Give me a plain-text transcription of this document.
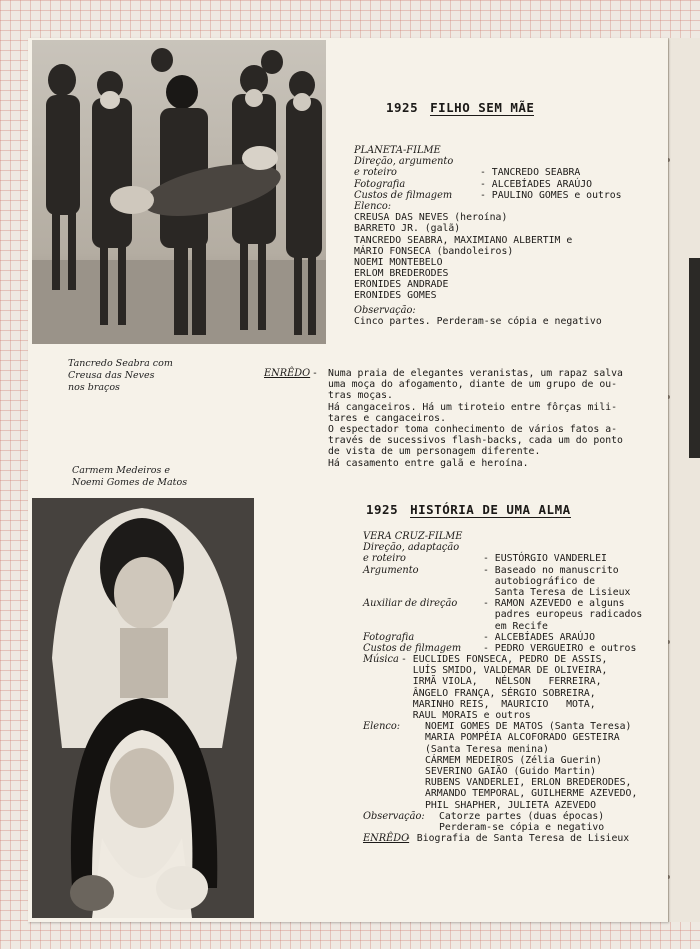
Tancredo Seabra com
Creusa das Neves
nos braços
1925 FILHO SEM MÃE
PLANETA-FILME
Direção, argumento
e roteiro	- TANCREDO SEABRA
Fotografia	- ALCEBÍADES ARAÚJO
Custos de filmagem	- PAULINO GOMES e outros
Elenco:
CREUSA DAS NEVES (heroína)
BARRETO JR. (galã)
TANCREDO SEABRA, MAXIMIANO ALBERTIM e
MÁRIO FONSECA (bandoleiros)
NOEMI MONTEBELO
ERLOM BREDERODES
ERONIDES ANDRADE
ERONIDES GOMES
Observação:
Cinco partes. Perderam-se cópia e negativo
ENRÊDO - Numa praia de elegantes veranistas, um rapaz salva
uma moça do afogamento, diante de um grupo de ou-
tras moças.
Há cangaceiros. Há um tiroteio entre fôrças mili-
tares e cangaceiros.
O espectador toma conhecimento de vários fatos a-
través de sucessivos flash-backs, cada um do ponto
de vista de um personagem diferente.
Há casamento entre galã e heroína.
Carmem Medeiros e
Noemi Gomes de Matos
1925 HISTÓRIA DE UMA ALMA
VERA CRUZ-FILME
Direção, adaptação
e roteiro	- EUSTÓRGIO VANDERLEI
Argumento	- Baseado no manuscrito
autobiográfico de
Santa Teresa de Lisieux
Auxiliar de direção	- RAMON AZEVEDO e alguns
padres europeus radicados
em Recife
Fotografia	- ALCEBÍADES ARAÚJO
Custos de filmagem - PEDRO VERGUEIRO e outros
Música - EUCLIDES FONSECA, PEDRO DE ASSIS,
LUÍS SMIDO, VALDEMAR DE OLIVEIRA,
IRMÃ VIOLA,   NÉLSON   FERREIRA,
ÂNGELO FRANÇA, SÉRGIO SOBREIRA,
MARINHO REIS,  MAURICIO   MOTA,
RAUL MORAIS e outros
Elenco:	NOEMI GOMES DE MATOS (Santa Teresa)
MARIA POMPÉIA ALCOFORADO GESTEIRA
(Santa Teresa menina)
CÁRMEM MEDEIROS (Zélia Guerin)
SEVERINO GAIÃO (Guido Martin)
RUBENS VANDERLEI, ERLON BREDERODES,
ARMANDO TEMPORAL, GUILHERME AZEVEDO,
PHIL SHAPHER, JULIETA AZEVEDO
Observação: Catorze partes (duas épocas)
Perderam-se cópia e negativo
ENRÊDO
- Biografia de Santa Teresa de Lisieux
